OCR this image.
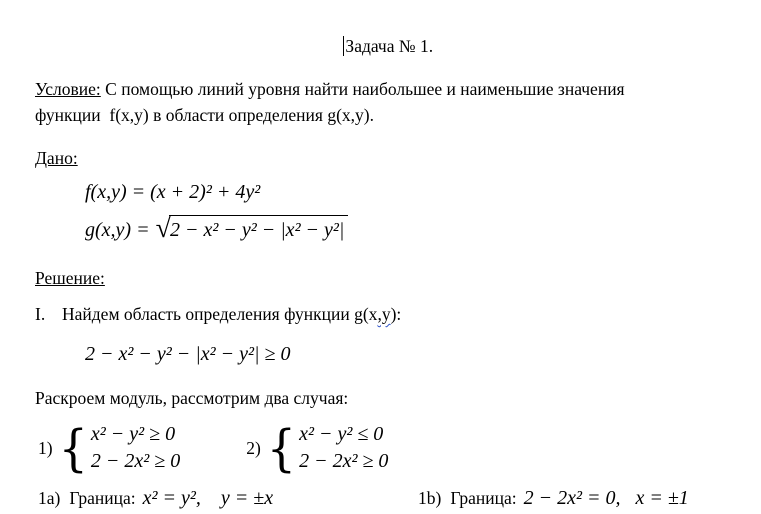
Задача № 1.

Условие: С помощью линий уровня найти наибольшее и наименьшие значения
функции  f(x,y) в области определения g(x,y).

Дано:

f(x,y) = (x + 2)² + 4y²
g(x,y) = √ 2 − x² − y² − |x² − y²|

Решение:

I. Найдем область определения функции g(x,y):

2 − x² − y² − |x² − y²| ≥ 0

Раскроем модуль, рассмотрим два случая:

1) { x² − y² ≥ 0
2 − 2x² ≥ 0
2) { x² − y² ≤ 0
2 − 2x² ≥ 0
1a) Граница: x² = y²,    y = ±x	1b) Граница: 2 − 2x² = 0,   x = ±1
